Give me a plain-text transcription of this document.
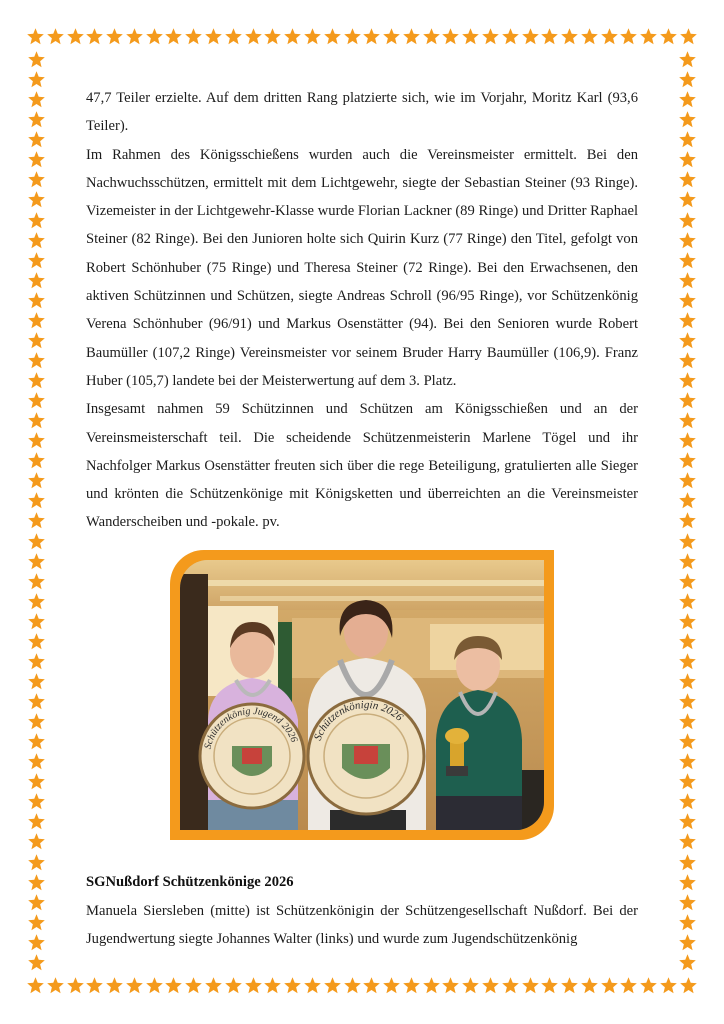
47,7 Teiler erzielte. Auf dem dritten Rang platzierte sich, wie im Vorjahr, Moritz Karl (93,6 Teiler).

Im Rahmen des Königsschießens wurden auch die Vereinsmeister ermittelt. Bei den Nachwuchsschützen, ermittelt mit dem Lichtgewehr, siegte der Sebastian Steiner (93 Ringe). Vizemeister in der Lichtgewehr-Klasse wurde Florian Lackner (89 Ringe) und Dritter Raphael Steiner (82 Ringe). Bei den Junioren holte sich Quirin Kurz (77 Ringe) den Titel, gefolgt von Robert Schönhuber (75 Ringe) und Theresa Steiner (72 Ringe). Bei den Erwachsenen, den aktiven Schützinnen und Schützen, siegte Andreas Schroll (96/95 Ringe), vor Schützenkönig Verena Schönhuber (96/91) und Markus Osenstätter (94). Bei den Senioren wurde Robert Baumüller (107,2 Ringe) Vereinsmeister vor seinem Bruder Harry Baumüller (106,9). Franz Huber (105,7) landete bei der Meisterwertung auf dem 3. Platz.

Insgesamt nahmen 59 Schützinnen und Schützen am Königsschießen und an der Vereinsmeisterschaft teil. Die scheidende Schützenmeisterin Marlene Tögel und ihr Nachfolger Markus Osenstätter freuten sich über die rege Beteiligung, gratulierten alle Sieger und krönten die Schützenkönige mit Königsketten und überreichten an die Vereinsmeister Wanderscheiben und -pokale. pv.

Schützenkönig Jugend 2026 Schützenkönigin 2026
SGNußdorf Schützenkönige 2026

Manuela Siersleben (mitte) ist Schützenkönigin der Schützengesellschaft Nußdorf. Bei der Jugendwertung siegte Johannes Walter (links) und wurde zum Jugendschützenkönig
